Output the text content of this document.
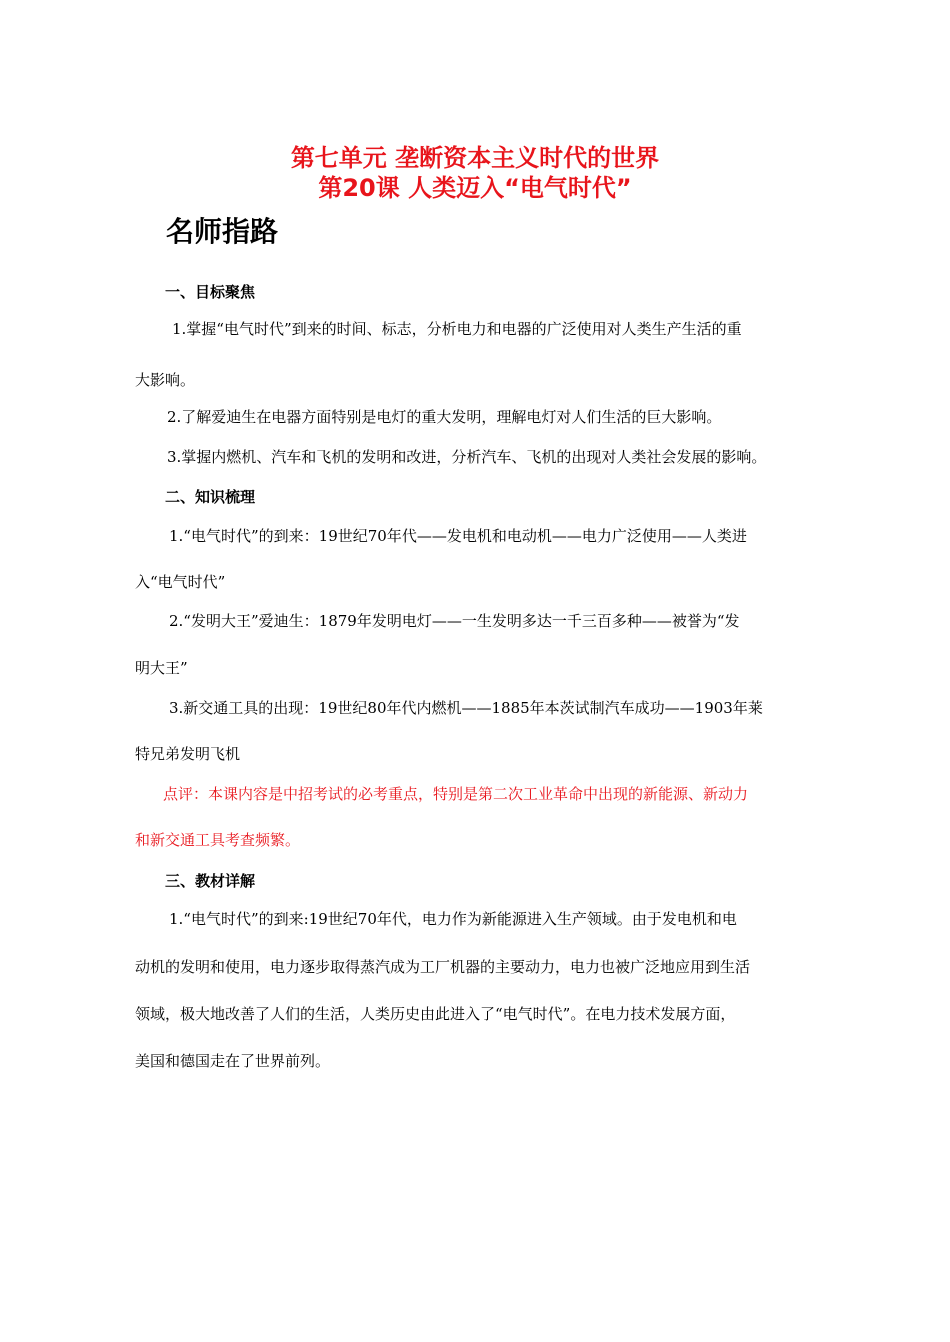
第七单元 垄断资本主义时代的世界
第20课 人类迈入“电气时代”
名师指路
一、目标聚焦
1.掌握“电气时代”到来的时间、标志，分析电力和电器的广泛使用对人类生产生活的重
大影响。
2.了解爱迪生在电器方面特别是电灯的重大发明，理解电灯对人们生活的巨大影响。
3.掌握内燃机、汽车和飞机的发明和改进，分析汽车、飞机的出现对人类社会发展的影响。
二、知识梳理
1.“电气时代”的到来：19世纪70年代——发电机和电动机——电力广泛使用——人类进
入“电气时代”
2.“发明大王”爱迪生：1879年发明电灯——一生发明多达一千三百多种——被誉为“发
明大王”
3.新交通工具的出现：19世纪80年代内燃机——1885年本茨试制汽车成功——1903年莱
特兄弟发明飞机
点评：本课内容是中招考试的必考重点，特别是第二次工业革命中出现的新能源、新动力
和新交通工具考查频繁。
三、教材详解
1.“电气时代”的到来:19世纪70年代，电力作为新能源进入生产领域。由于发电机和电
动机的发明和使用，电力逐步取得蒸汽成为工厂机器的主要动力，电力也被广泛地应用到生活
领域，极大地改善了人们的生活，人类历史由此进入了“电气时代”。在电力技术发展方面，
美国和德国走在了世界前列。
